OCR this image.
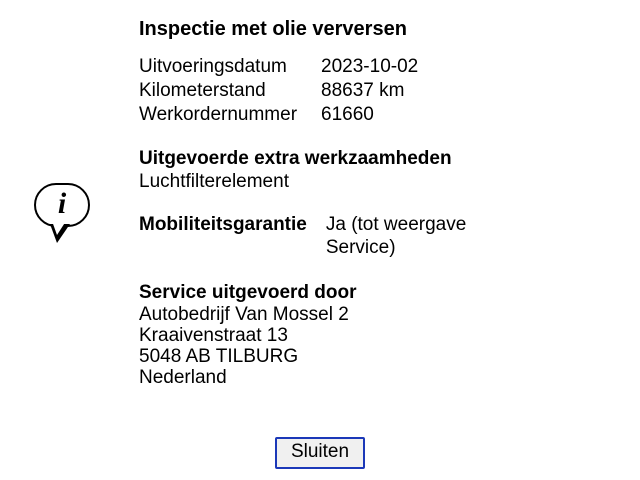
i
Inspectie met olie verversen
Uitvoeringsdatum	2023-10-02
Kilometerstand	88637 km
Werkordernummer	61660
Uitgevoerde extra werkzaamheden
Luchtfilterelement
Mobiliteitsgarantie	Ja (tot weergave Service)
Service uitgevoerd door
Autobedrijf Van Mossel 2
Kraaivenstraat 13
5048 AB TILBURG
Nederland
Sluiten
